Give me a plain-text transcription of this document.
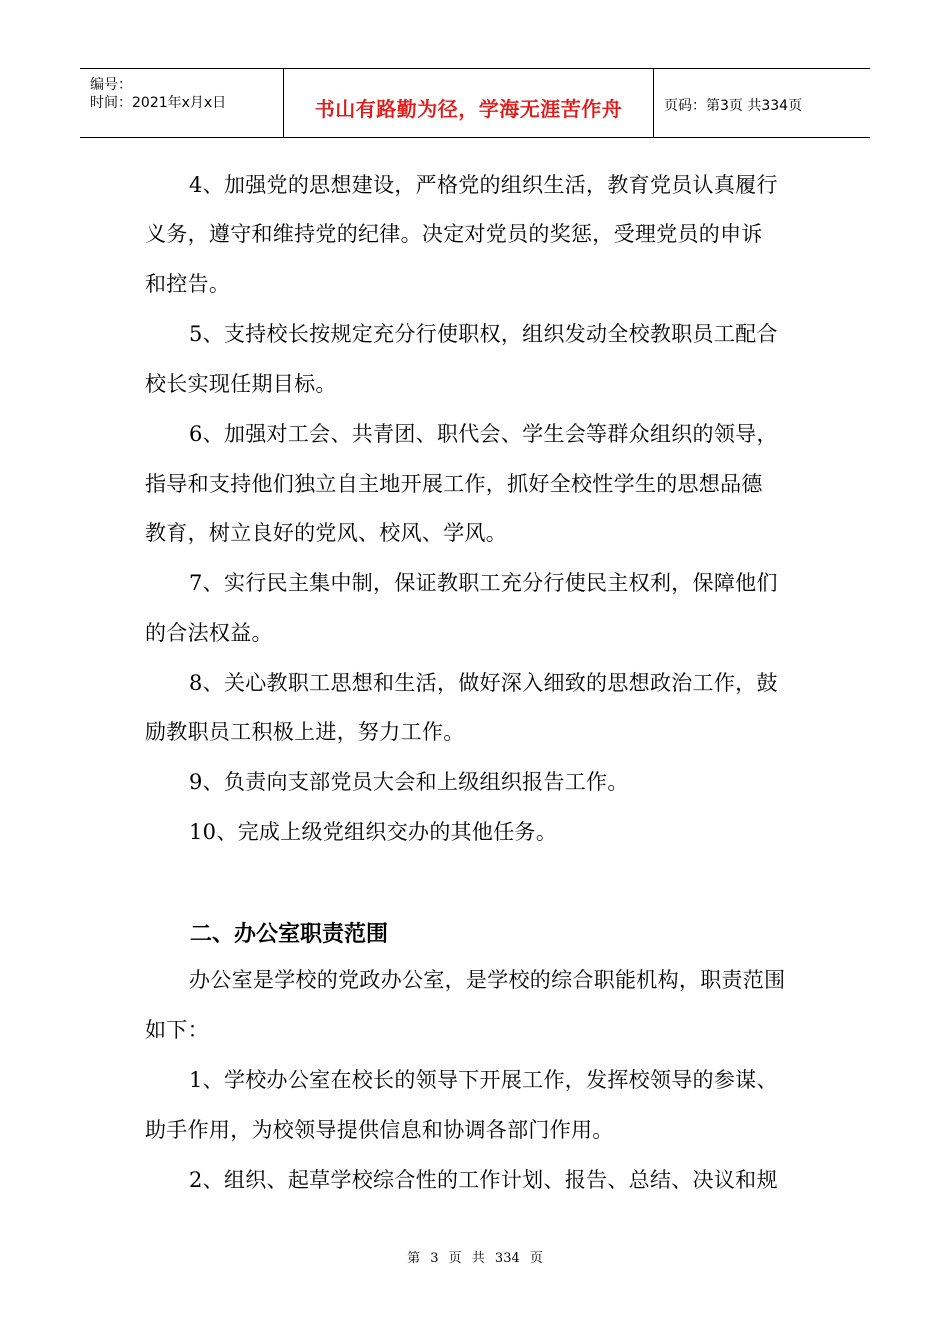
编号：
时间：2021年x月x日	书山有路勤为径，学海无涯苦作舟	页码：第3页 共334页
4、加强党的思想建设，严格党的组织生活，教育党员认真履行
义务，遵守和维持党的纪律。决定对党员的奖惩，受理党员的申诉
和控告。
5、支持校长按规定充分行使职权，组织发动全校教职员工配合
校长实现任期目标。
6、加强对工会、共青团、职代会、学生会等群众组织的领导，
指导和支持他们独立自主地开展工作，抓好全校性学生的思想品德
教育，树立良好的党风、校风、学风。
7、实行民主集中制，保证教职工充分行使民主权利，保障他们
的合法权益。
8、关心教职工思想和生活，做好深入细致的思想政治工作，鼓
励教职员工积极上进，努力工作。
9、负责向支部党员大会和上级组织报告工作。
10、完成上级党组织交办的其他任务。
二、办公室职责范围
办公室是学校的党政办公室，是学校的综合职能机构，职责范围
如下：
1、学校办公室在校长的领导下开展工作，发挥校领导的参谋、
助手作用，为校领导提供信息和协调各部门作用。
2、组织、起草学校综合性的工作计划、报告、总结、决议和规
第 3 页 共 334 页
